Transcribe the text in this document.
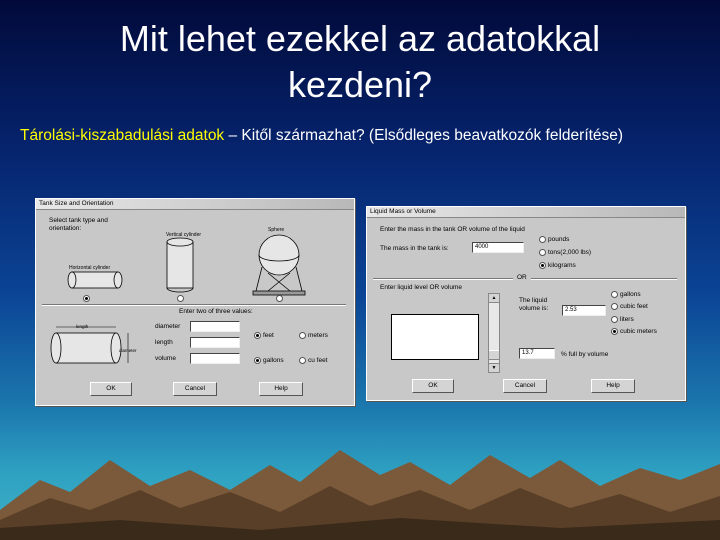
Mit lehet ezekkel az adatokkal
kezdeni?
Tárolási-kiszabadulási adatok – Kitől származhat? (Elsődleges beavatkozók felderítése)
Tank Size and Orientation
Select tank type and
orientation:
Vertical cylinder
Sphere
Horizontal cylinder
Enter two of three values:
length
diameter
diameter
length
volume
feet	meters
gallons	cu feet
OK	Cancel	Help
Liquid Mass or Volume
Enter the mass in the tank OR volume of the liquid
The mass in the tank is:	4000
pounds
tons(2,000 lbs)
kilograms
OR
Enter liquid level OR volume
▲
▼
The liquid
volume is:	2.53
gallons
cubic feet
liters
cubic meters
13.7	% full by volume
OK	Cancel	Help
